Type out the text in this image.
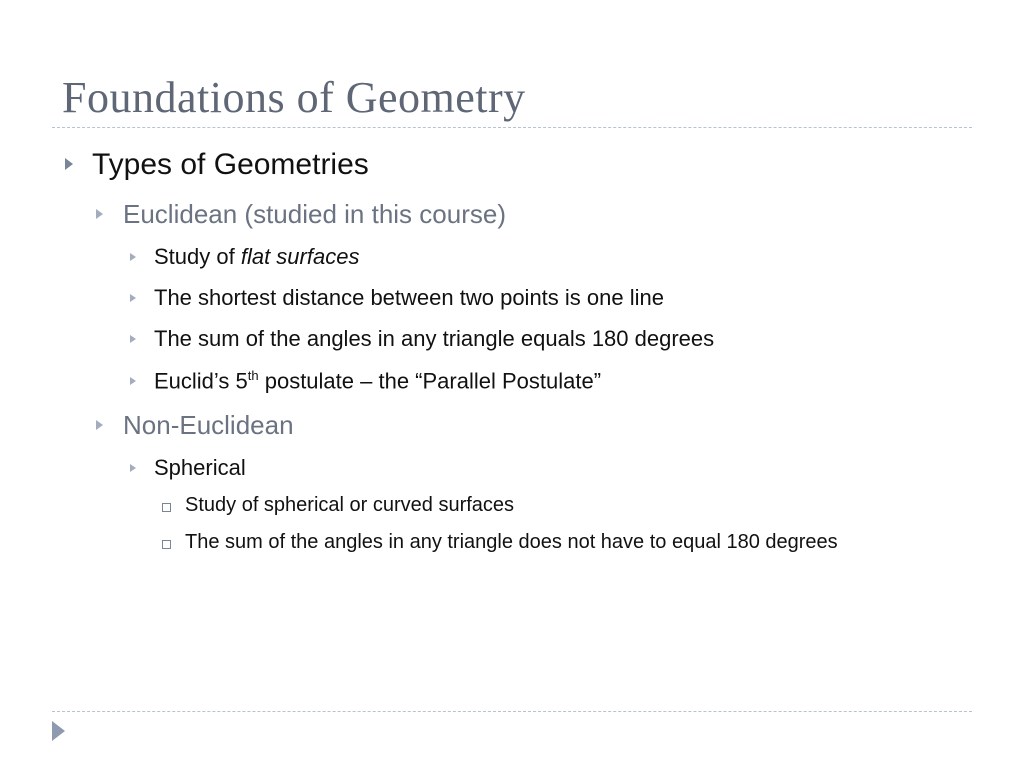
Foundations of Geometry
Types of Geometries
Euclidean (studied in this course)
Study of flat surfaces
The shortest distance between two points is one line
The sum of the angles in any triangle equals 180 degrees
Euclid’s 5th postulate – the “Parallel Postulate”
Non-Euclidean
Spherical
Study of spherical or curved surfaces
The sum of the angles in any triangle does not have to equal 180 degrees
